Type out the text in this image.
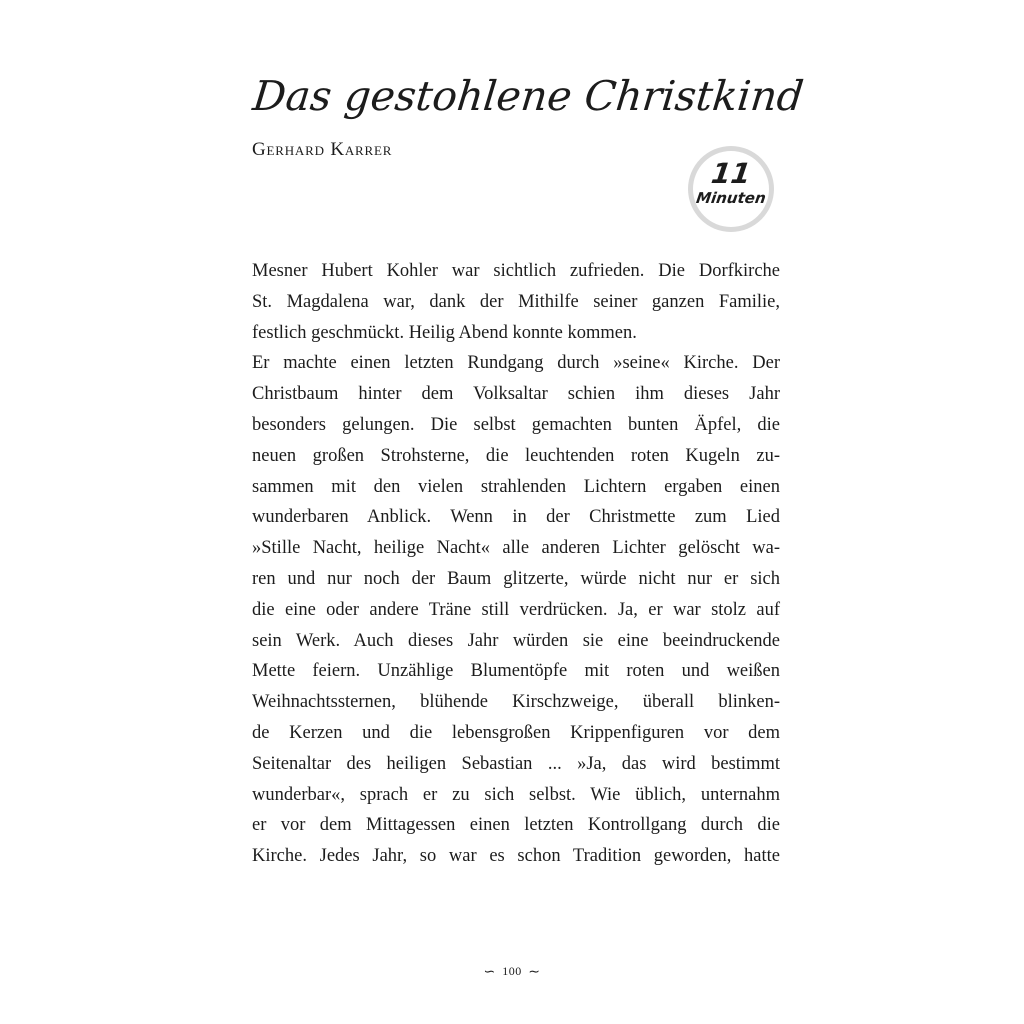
Das gestohlene Christkind

Gerhard Karrer

11
Minuten
Mesner Hubert Kohler war sichtlich zufrieden. Die Dorfkirche
St. Magdalena war, dank der Mithilfe seiner ganzen Familie,
festlich geschmückt. Heilig Abend konnte kommen.
Er machte einen letzten Rundgang durch »seine« Kirche. Der
Christbaum hinter dem Volksaltar schien ihm dieses Jahr
besonders gelungen. Die selbst gemachten bunten Äpfel, die
neuen großen Strohsterne, die leuchtenden roten Kugeln zu-
sammen mit den vielen strahlenden Lichtern ergaben einen
wunderbaren Anblick. Wenn in der Christmette zum Lied
»Stille Nacht, heilige Nacht« alle anderen Lichter gelöscht wa-
ren und nur noch der Baum glitzerte, würde nicht nur er sich
die eine oder andere Träne still verdrücken. Ja, er war stolz auf
sein Werk. Auch dieses Jahr würden sie eine beeindruckende
Mette feiern. Unzählige Blumentöpfe mit roten und weißen
Weihnachtssternen, blühende Kirschzweige, überall blinken-
de Kerzen und die lebensgroßen Krippenfiguren vor dem
Seitenaltar des heiligen Sebastian ... »Ja, das wird bestimmt
wunderbar«, sprach er zu sich selbst. Wie üblich, unternahm
er vor dem Mittagessen einen letzten Kontrollgang durch die
Kirche. Jedes Jahr, so war es schon Tradition geworden, hatte
∽ 100 ∼
